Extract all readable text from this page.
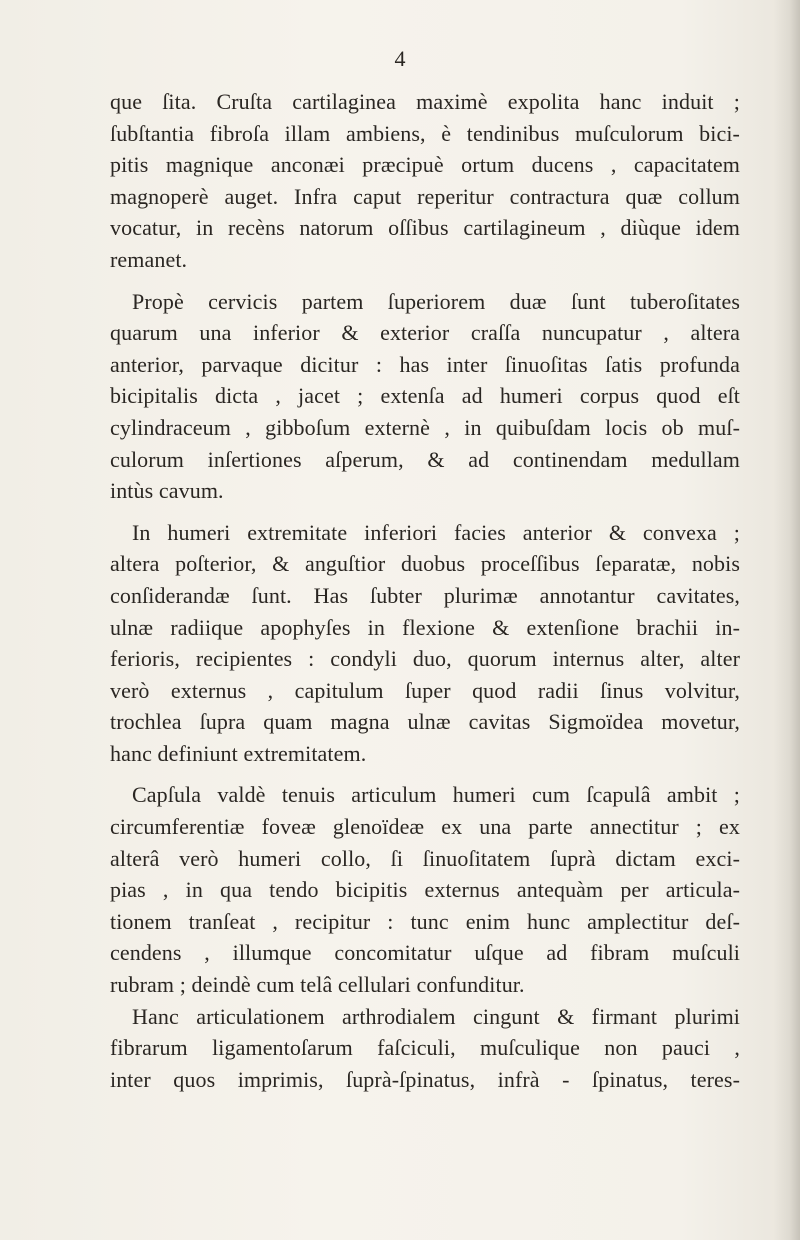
4
que ſita. Cruſta cartilaginea maximè expolita hanc induit ;
ſubſtantia fibroſa illam ambiens, è tendinibus muſculorum bici-
pitis magnique anconæi præcipuè ortum ducens , capacitatem
magnoperè auget. Infra caput reperitur contractura quæ collum
vocatur, in recèns natorum oſſibus cartilagineum , diùque idem
remanet.
Propè cervicis partem ſuperiorem duæ ſunt tuberoſitates
quarum una inferior & exterior craſſa nuncupatur , altera
anterior, parvaque dicitur : has inter ſinuoſitas ſatis profunda
bicipitalis dicta , jacet ; extenſa ad humeri corpus quod eſt
cylindraceum , gibboſum externè , in quibuſdam locis ob muſ-
culorum inſertiones aſperum, & ad continendam medullam
intùs cavum.
In humeri extremitate inferiori facies anterior & convexa ;
altera poſterior, & anguſtior duobus proceſſibus ſeparatæ, nobis
conſiderandæ ſunt. Has ſubter plurimæ annotantur cavitates,
ulnæ radiique apophyſes in flexione & extenſione brachii in-
ferioris, recipientes : condyli duo, quorum internus alter, alter
verò externus , capitulum ſuper quod radii ſinus volvitur,
trochlea ſupra quam magna ulnæ cavitas Sigmoïdea movetur,
hanc definiunt extremitatem.
Capſula valdè tenuis articulum humeri cum ſcapulâ ambit ;
circumferentiæ foveæ glenoïdeæ ex una parte annectitur ; ex
alterâ verò humeri collo, ſi ſinuoſitatem ſuprà dictam exci-
pias , in qua tendo bicipitis externus antequàm per articula-
tionem tranſeat , recipitur : tunc enim hunc amplectitur deſ-
cendens , illumque concomitatur uſque ad fibram muſculi
rubram ; deindè cum telâ cellulari confunditur.
Hanc articulationem arthrodialem cingunt & firmant plurimi
fibrarum ligamentoſarum faſciculi, muſculique non pauci ,
inter quos imprimis, ſuprà-ſpinatus, infrà - ſpinatus, teres-
